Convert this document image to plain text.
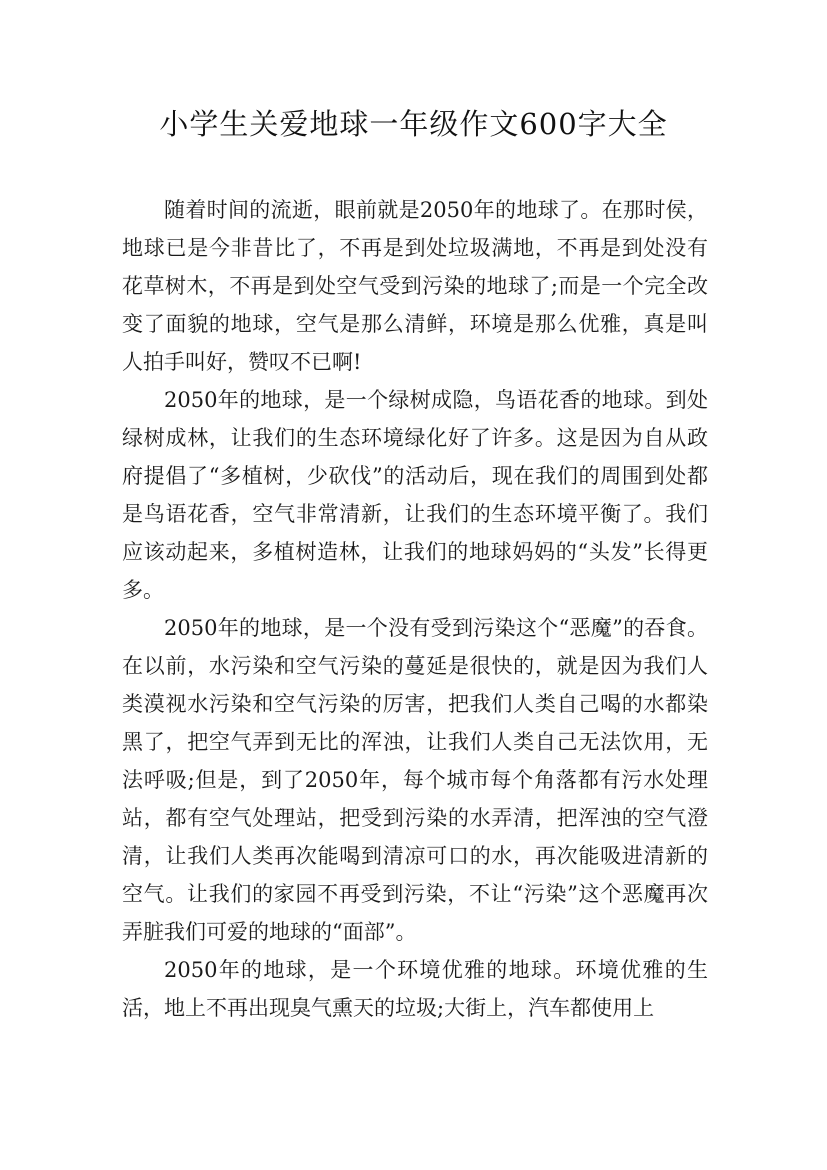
小学生关爱地球一年级作文600字大全

随着时间的流逝，眼前就是2050年的地球了。在那时侯，地球已是今非昔比了，不再是到处垃圾满地，不再是到处没有花草树木，不再是到处空气受到污染的地球了;而是一个完全改变了面貌的地球，空气是那么清鲜，环境是那么优雅，真是叫人拍手叫好，赞叹不已啊!

2050年的地球，是一个绿树成隐，鸟语花香的地球。到处绿树成林，让我们的生态环境绿化好了许多。这是因为自从政府提倡了“多植树，少砍伐”的活动后，现在我们的周围到处都是鸟语花香，空气非常清新，让我们的生态环境平衡了。我们应该动起来，多植树造林，让我们的地球妈妈的“头发”长得更多。

2050年的地球，是一个没有受到污染这个“恶魔”的吞食。在以前，水污染和空气污染的蔓延是很快的，就是因为我们人类漠视水污染和空气污染的厉害，把我们人类自己喝的水都染黑了，把空气弄到无比的浑浊，让我们人类自己无法饮用，无法呼吸;但是，到了2050年，每个城市每个角落都有污水处理站，都有空气处理站，把受到污染的水弄清，把浑浊的空气澄清，让我们人类再次能喝到清凉可口的水，再次能吸进清新的空气。让我们的家园不再受到污染，不让“污染”这个恶魔再次弄脏我们可爱的地球的“面部”。

2050年的地球，是一个环境优雅的地球。环境优雅的生活，地上不再出现臭气熏天的垃圾;大街上，汽车都使用上
